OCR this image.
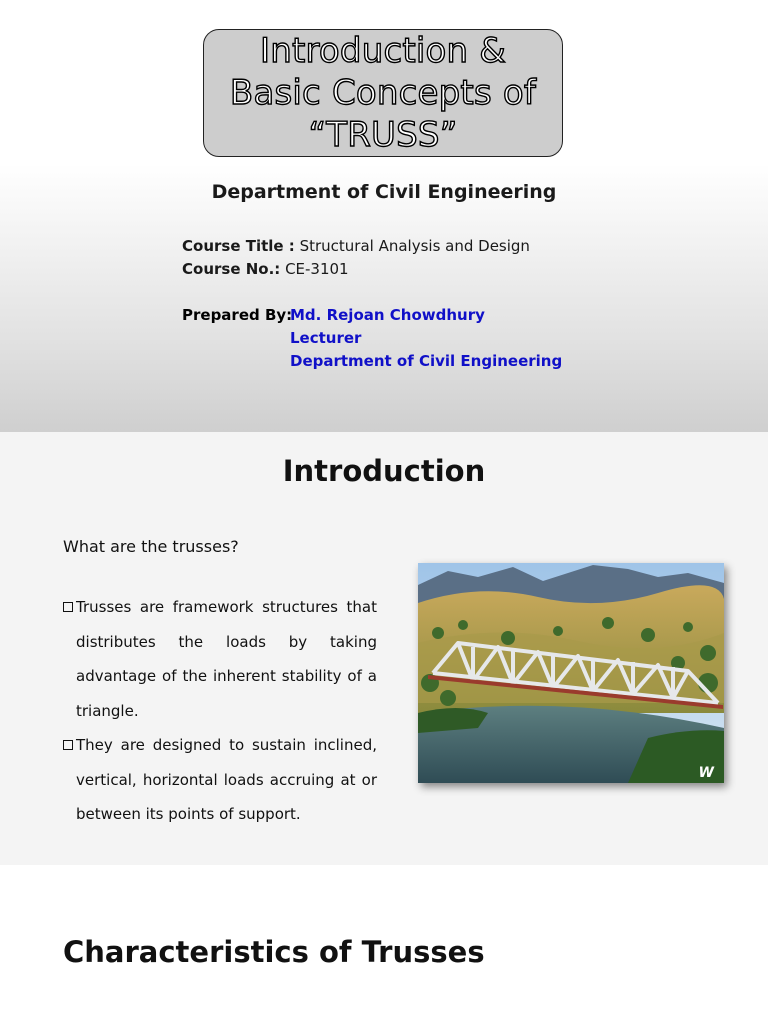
Introduction &
Basic Concepts of
“TRUSS”
Department of Civil Engineering
Course Title : Structural Analysis and Design
Course No.: CE-3101
Prepared By:
Md. Rejoan Chowdhury
Lecturer
Department of Civil Engineering
Introduction
What are the trusses?
Trusses are framework structures that distributes the loads by taking advantage of the inherent stability of a triangle.
They are designed to sustain inclined, vertical, horizontal loads accruing at or between its points of support.
W
Characteristics of Trusses
